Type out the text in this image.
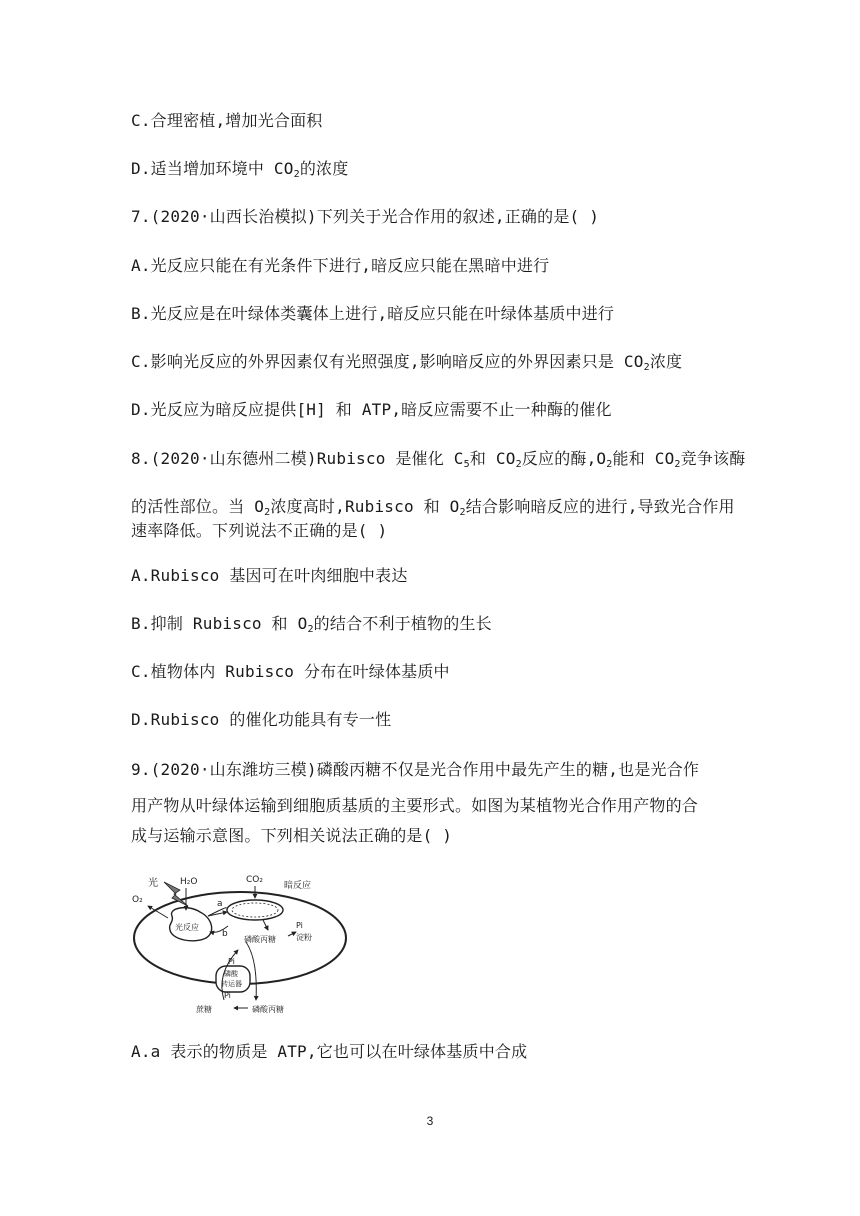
C.合理密植,增加光合面积
D.适当增加环境中 $CO_2$的浓度
7.(2020·山西长治模拟)下列关于光合作用的叙述,正确的是( )
A.光反应只能在有光条件下进行,暗反应只能在黑暗中进行
B.光反应是在叶绿体类囊体上进行,暗反应只能在叶绿体基质中进行
C.影响光反应的外界因素仅有光照强度,影响暗反应的外界因素只是 $CO_2$浓度
D.光反应为暗反应提供[H] 和 ATP,暗反应需要不止一种酶的催化
8.(2020·山东德州二模)Rubisco 是催化 $C_5$和 $CO_2$反应的酶$,O_2$能和 $CO_2$竞争该酶
的活性部位。当 $O_2$浓度高时,Rubisco 和 $O_2$结合影响暗反应的进行,导致光合作用
速率降低。下列说法不正确的是( )
A.Rubisco 基因可在叶肉细胞中表达
B.抑制 Rubisco 和 $O_2$的结合不利于植物的生长
C.植物体内 Rubisco 分布在叶绿体基质中
D.Rubisco 的催化功能具有专一性
9.(2020·山东潍坊三模)磷酸丙糖不仅是光合作用中最先产生的糖,也是光合作
用产物从叶绿体运输到细胞质基质的主要形式。如图为某植物光合作用产物的合
成与运输示意图。下列相关说法正确的是( )
A.a 表示的物质是 ATP,它也可以在叶绿体基质中合成
光 H₂O	CO₂
暗反应
O₂	a
b
光反应
磷酸丙糖
Pi
淀粉
Pi
磷酸
转运器
Pi
蔗糖	磷酸丙糖
3
